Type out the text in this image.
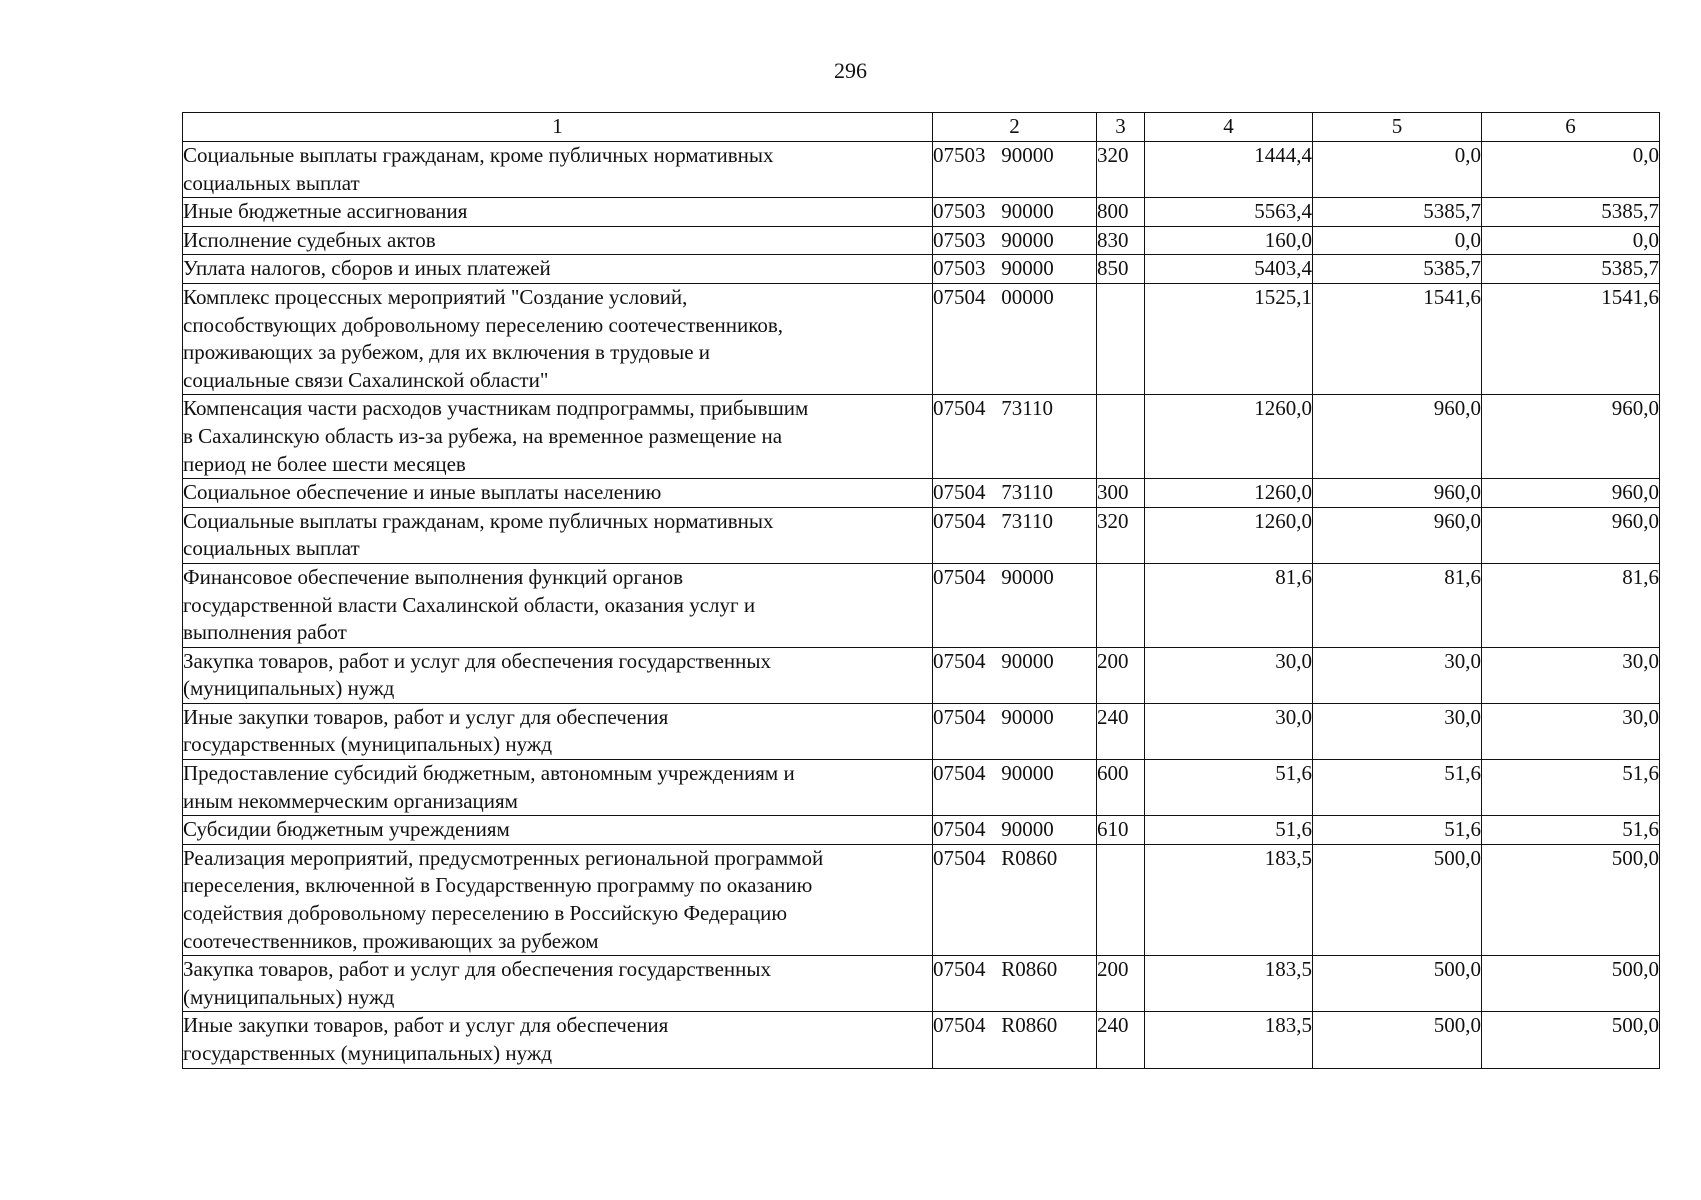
296
1	2	3	4	5	6

Социальные выплаты гражданам, кроме публичных нормативных
социальных выплат	07503   90000	320	1444,4	0,0	0,0

Иные бюджетные ассигнования	07503   90000	800	5563,4	5385,7	5385,7

Исполнение судебных актов	07503   90000	830	160,0	0,0	0,0

Уплата налогов, сборов и иных платежей	07503   90000	850	5403,4	5385,7	5385,7

Комплекс процессных мероприятий "Создание условий,
способствующих добровольному переселению соотечественников,
проживающих за рубежом, для их включения в трудовые и
социальные связи Сахалинской области"	07504   00000		1525,1	1541,6	1541,6

Компенсация части расходов участникам подпрограммы, прибывшим
в Сахалинскую область из-за рубежа, на временное размещение на
период не более шести месяцев	07504   73110		1260,0	960,0	960,0

Социальное обеспечение и иные выплаты населению	07504   73110	300	1260,0	960,0	960,0

Социальные выплаты гражданам, кроме публичных нормативных
социальных выплат	07504   73110	320	1260,0	960,0	960,0

Финансовое обеспечение выполнения функций органов
государственной власти Сахалинской области, оказания услуг и
выполнения работ	07504   90000		81,6	81,6	81,6

Закупка товаров, работ и услуг для обеспечения государственных
(муниципальных) нужд	07504   90000	200	30,0	30,0	30,0

Иные закупки товаров, работ и услуг для обеспечения
государственных (муниципальных) нужд	07504   90000	240	30,0	30,0	30,0

Предоставление субсидий бюджетным, автономным учреждениям и
иным некоммерческим организациям	07504   90000	600	51,6	51,6	51,6

Субсидии бюджетным учреждениям	07504   90000	610	51,6	51,6	51,6

Реализация мероприятий, предусмотренных региональной программой
переселения, включенной в Государственную программу по оказанию
содействия добровольному переселению в Российскую Федерацию
соотечественников, проживающих за рубежом	07504   R0860		183,5	500,0	500,0

Закупка товаров, работ и услуг для обеспечения государственных
(муниципальных) нужд	07504   R0860	200	183,5	500,0	500,0

Иные закупки товаров, работ и услуг для обеспечения
государственных (муниципальных) нужд	07504   R0860	240	183,5	500,0	500,0
